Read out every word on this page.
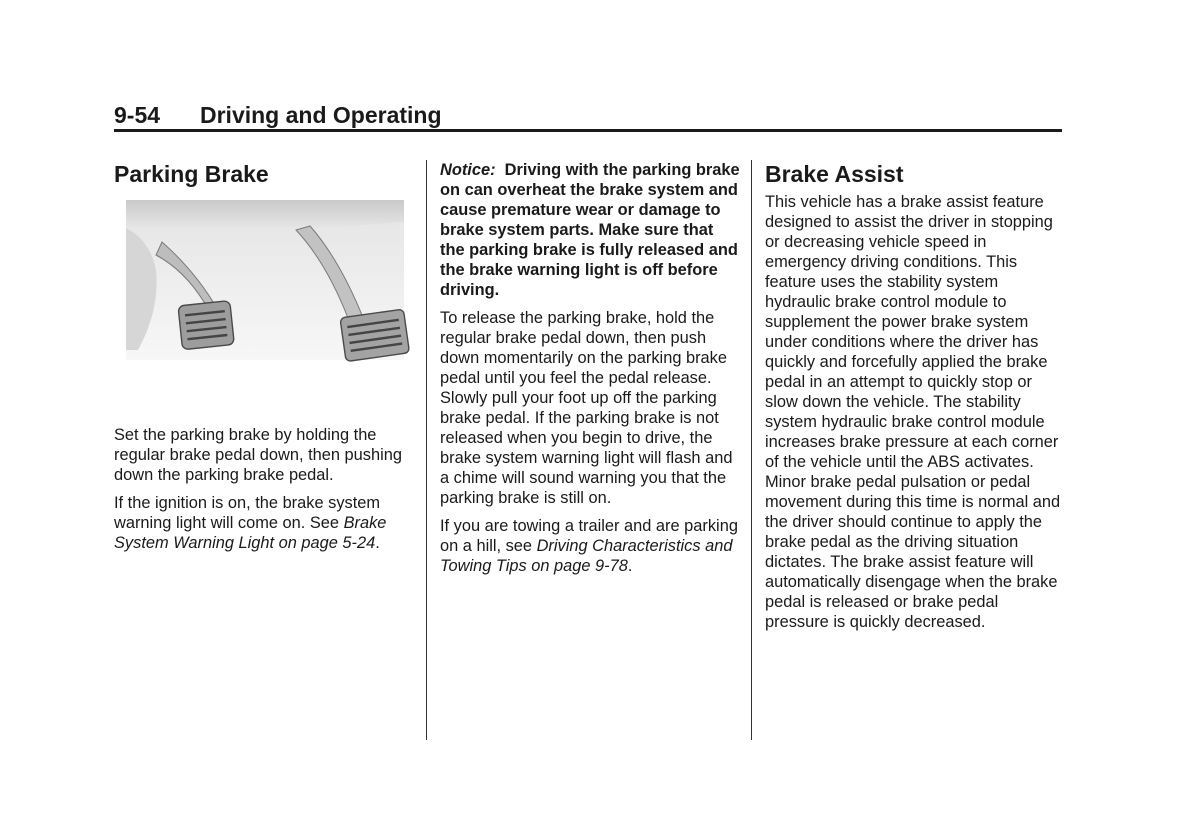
9-54 Driving and Operating
Parking Brake

Set the parking brake by holding the regular brake pedal down, then pushing down the parking brake pedal.

If the ignition is on, the brake system warning light will come on. See Brake System Warning Light on page 5-24.

Notice: Driving with the parking brake on can overheat the brake system and cause premature wear or damage to brake system parts. Make sure that the parking brake is fully released and the brake warning light is off before driving.

To release the parking brake, hold the regular brake pedal down, then push down momentarily on the parking brake pedal until you feel the pedal release. Slowly pull your foot up off the parking brake pedal. If the parking brake is not released when you begin to drive, the brake system warning light will flash and a chime will sound warning you that the parking brake is still on.

If you are towing a trailer and are parking on a hill, see Driving Characteristics and Towing Tips on page 9-78.

Brake Assist

This vehicle has a brake assist feature designed to assist the driver in stopping or decreasing vehicle speed in emergency driving conditions. This feature uses the stability system hydraulic brake control module to supplement the power brake system under conditions where the driver has quickly and forcefully applied the brake pedal in an attempt to quickly stop or slow down the vehicle. The stability system hydraulic brake control module increases brake pressure at each corner of the vehicle until the ABS activates. Minor brake pedal pulsation or pedal movement during this time is normal and the driver should continue to apply the brake pedal as the driving situation dictates. The brake assist feature will automatically disengage when the brake pedal is released or brake pedal pressure is quickly decreased.
